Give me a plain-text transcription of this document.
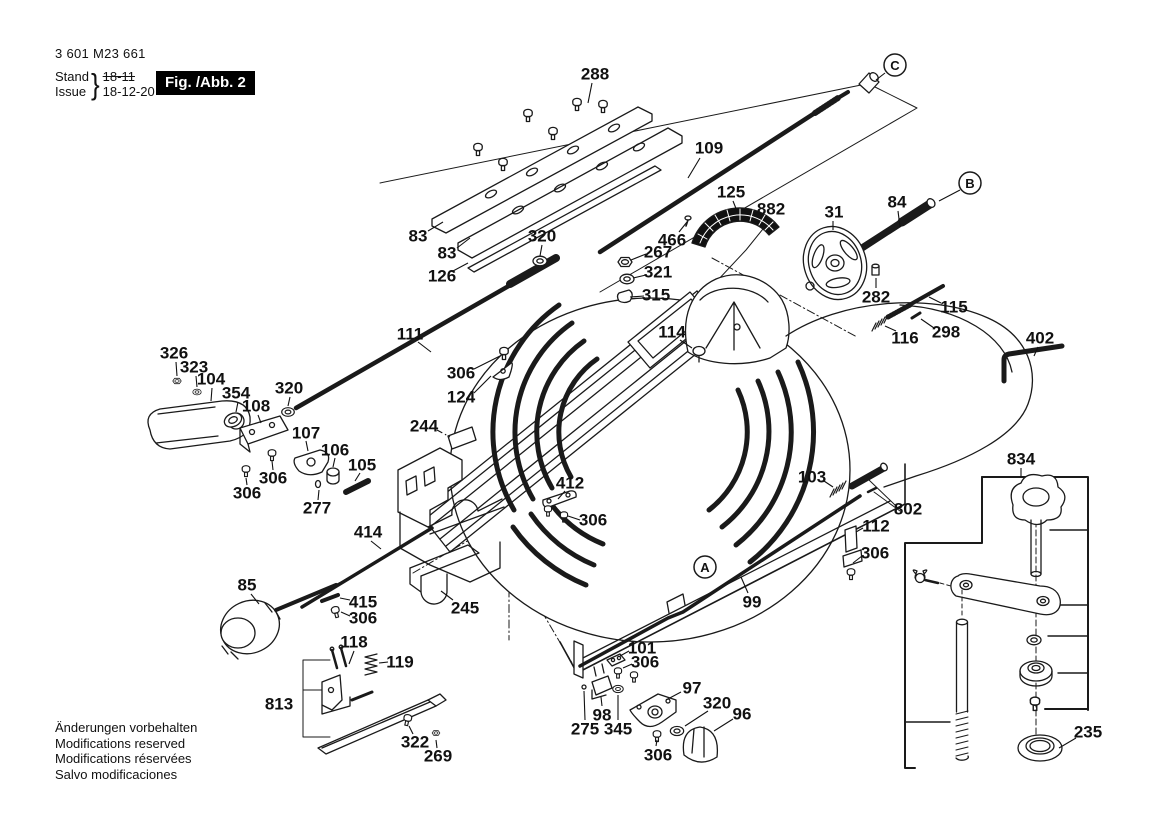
3 601 M23 661
Stand
Issue } 18-11
18-12-20
Fig. /Abb. 2
Änderungen vorbehalten
Modifications reserved
Modifications réservées
Salvo modificaciones
288
109
125
882
466
31
84
83
83
320
126
267
321
315	282
115
298
116	402
111	114
326
323
104
354
108
320
306
124
244
107
106
105
306
306
277
412
306
103
802
112
306
414
85
415
306
245	99
118
119
101
306
813
97
98
275 345
320
96
306
322
269
834
235
A
B
C
